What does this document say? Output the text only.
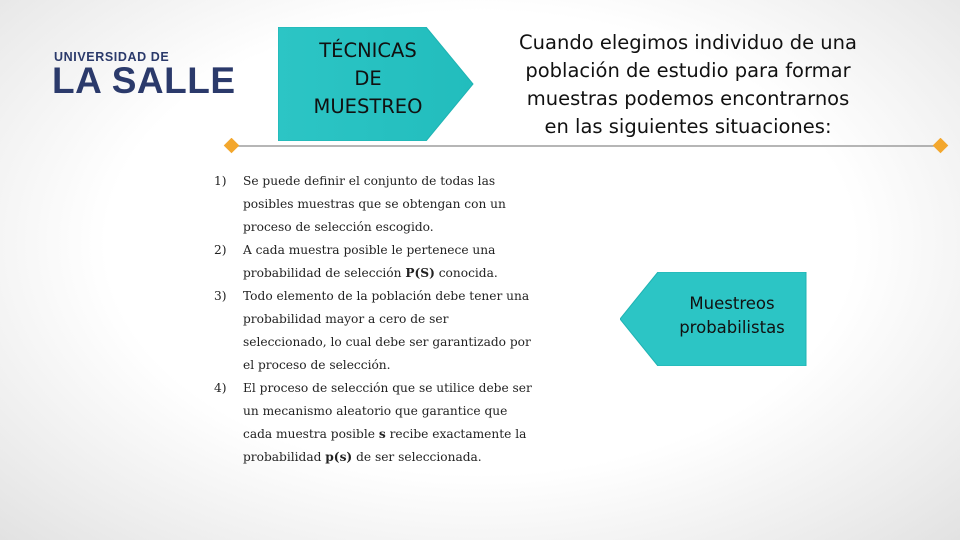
UNIVERSIDAD DE
LA SALLE
TÉCNICAS
DE
MUESTREO
Cuando elegimos individuo de una
población de estudio para formar
muestras podemos encontrarnos
en las siguientes situaciones:
1) Se puede definir el conjunto de todas las
posibles muestras que se obtengan con un
proceso de selección escogido.
2) A cada muestra posible le pertenece una
probabilidad de selección P(S) conocida.
3) Todo elemento de la población debe tener una
probabilidad mayor a cero de ser
seleccionado, lo cual debe ser garantizado por
el proceso de selección.
4) El proceso de selección que se utilice debe ser
un mecanismo aleatorio que garantice que
cada muestra posible s recibe exactamente la
probabilidad p(s) de ser seleccionada.
Muestreos
probabilistas
